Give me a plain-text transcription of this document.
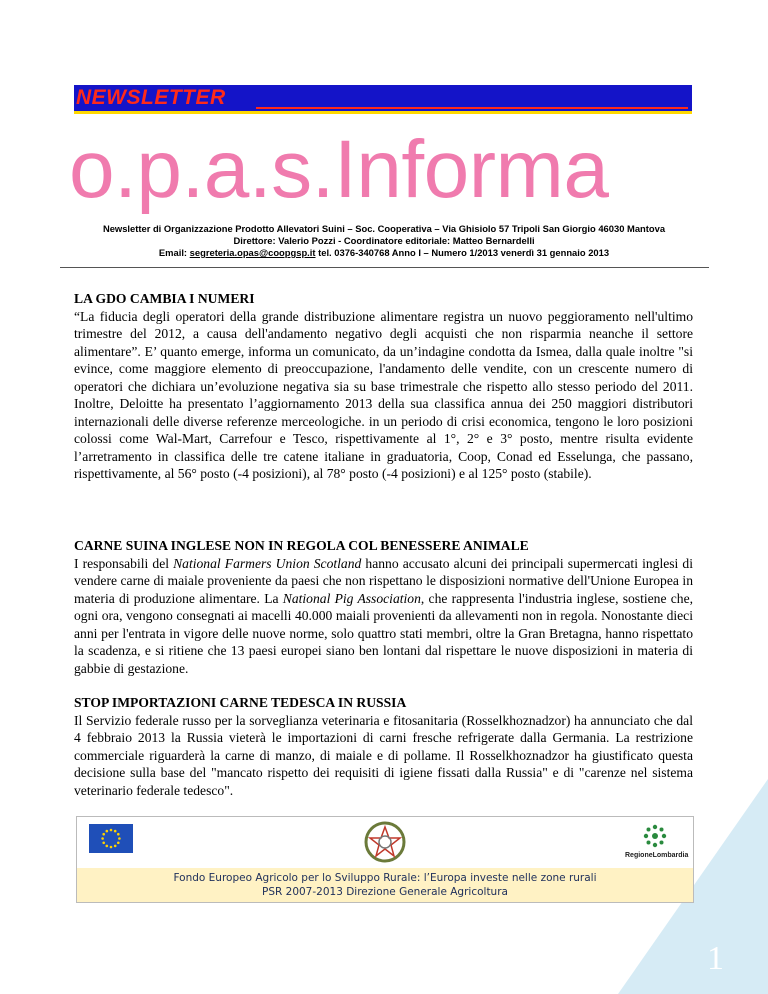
1
NEWSLETTER
o.p.a.s.Informa
Newsletter di Organizzazione Prodotto Allevatori Suini – Soc. Cooperativa – Via Ghisiolo 57 Tripoli San Giorgio 46030 Mantova
Direttore: Valerio Pozzi - Coordinatore editoriale: Matteo Bernardelli
Email: segreteria.opas@coopgsp.it tel. 0376-340768 Anno I – Numero 1/2013 venerdì 31 gennaio 2013
LA GDO CAMBIA I NUMERI

“La fiducia degli operatori della grande distribuzione alimentare registra un nuovo peggioramento nell'ultimo trimestre del 2012, a causa dell'andamento negativo degli acquisti che non risparmia neanche il settore alimentare”. E’ quanto emerge, informa un comunicato, da un’indagine condotta da Ismea, dalla quale inoltre "si evince, come maggiore elemento di preoccupazione, l'andamento delle vendite, con un crescente numero di operatori che dichiara un’evoluzione negativa sia su base trimestrale che rispetto allo stesso periodo del 2011. Inoltre, Deloitte ha presentato l’aggiornamento 2013 della sua classifica annua dei 250 maggiori distributori internazionali delle diverse referenze merceologiche. in un periodo di crisi economica, tengono le loro posizioni colossi come Wal-Mart, Carrefour e Tesco, rispettivamente al 1°, 2° e 3° posto, mentre risulta evidente l’arretramento in classifica delle tre catene italiane in graduatoria, Coop, Conad ed Esselunga, che passano, rispettivamente, al 56° posto (-4 posizioni), al 78° posto (-4 posizioni) e al 125° posto (stabile).

CARNE SUINA INGLESE NON IN REGOLA COL BENESSERE ANIMALE

I responsabili del National Farmers Union Scotland hanno accusato alcuni dei principali supermercati inglesi di vendere carne di maiale proveniente da paesi che non rispettano le disposizioni normative dell'Unione Europea in materia di produzione alimentare. La National Pig Association, che rappresenta l'industria inglese, sostiene che, ogni ora, vengono consegnati ai macelli 40.000 maiali provenienti da allevamenti non in regola. Nonostante dieci anni per l'entrata in vigore delle nuove norme, solo quattro stati membri, oltre la Gran Bretagna, hanno rispettato la scadenza, e si ritiene che 13 paesi europei siano ben lontani dal rispettare le nuove disposizioni in materia di gabbie di gestazione.

STOP IMPORTAZIONI CARNE TEDESCA IN RUSSIA

Il Servizio federale russo per la sorveglianza veterinaria e fitosanitaria (Rosselkhoznadzor) ha annunciato che dal 4 febbraio 2013 la Russia vieterà le importazioni di carni fresche refrigerate dalla Germania. La restrizione commerciale riguarderà la carne di manzo, di maiale e di pollame. Il Rosselkhoznadzor ha giustificato questa decisione sulla base del "mancato rispetto dei requisiti di igiene fissati dalla Russia" e di "carenze nel sistema veterinario federale tedesco".

RegioneLombardia
Fondo Europeo Agricolo per lo Sviluppo Rurale: l’Europa investe nelle zone rurali
PSR 2007-2013 Direzione Generale Agricoltura
